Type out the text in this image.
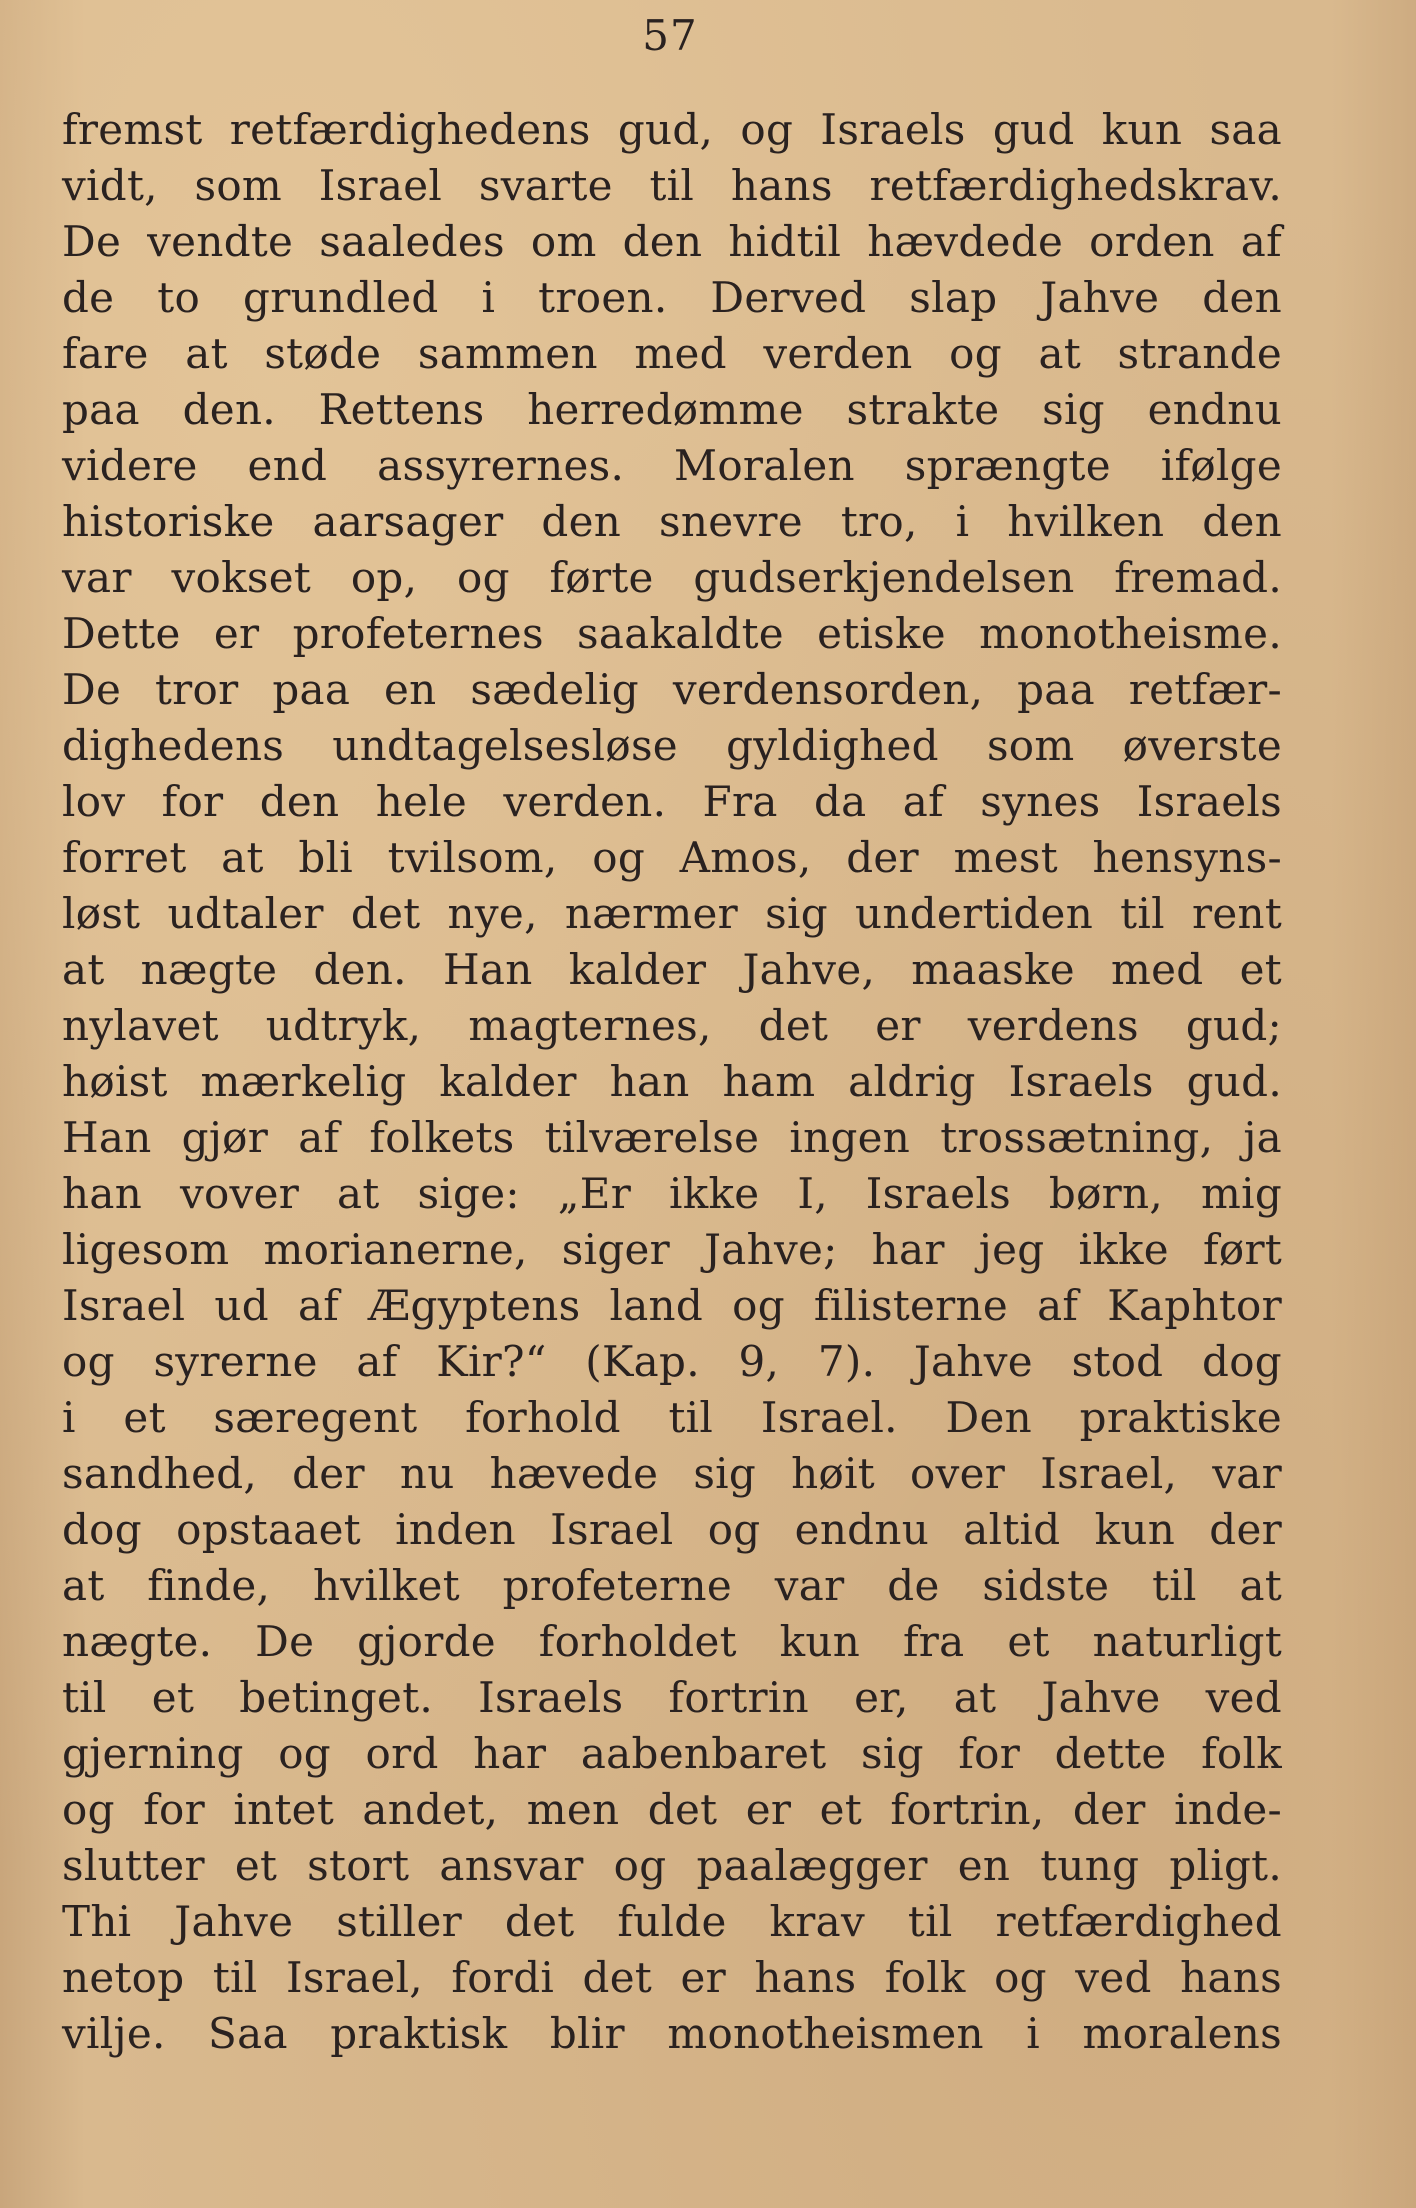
57
fremst retfærdighedens gud, og Israels gud kun saa
vidt, som Israel svarte til hans retfærdighedskrav.
De vendte saaledes om den hidtil hævdede orden af
de to grundled i troen. Derved slap Jahve den
fare at støde sammen med verden og at strande
paa den. Rettens herredømme strakte sig endnu
videre end assyrernes. Moralen sprængte ifølge
historiske aarsager den snevre tro, i hvilken den
var vokset op, og førte gudserkjendelsen fremad.
Dette er profeternes saakaldte etiske monotheisme.
De tror paa en sædelig verdensorden, paa retfær-
dighedens undtagelsesløse gyldighed som øverste
lov for den hele verden. Fra da af synes Israels
forret at bli tvilsom, og Amos, der mest hensyns-
løst udtaler det nye, nærmer sig undertiden til rent
at nægte den. Han kalder Jahve, maaske med et
nylavet udtryk, magternes, det er verdens gud;
høist mærkelig kalder han ham aldrig Israels gud.
Han gjør af folkets tilværelse ingen trossætning, ja
han vover at sige: „Er ikke I, Israels børn, mig
ligesom morianerne, siger Jahve; har jeg ikke ført
Israel ud af Ægyptens land og filisterne af Kaphtor
og syrerne af Kir?“ (Kap. 9, 7). Jahve stod dog
i et særegent forhold til Israel. Den praktiske
sandhed, der nu hævede sig høit over Israel, var
dog opstaaet inden Israel og endnu altid kun der
at finde, hvilket profeterne var de sidste til at
nægte. De gjorde forholdet kun fra et naturligt
til et betinget. Israels fortrin er, at Jahve ved
gjerning og ord har aabenbaret sig for dette folk
og for intet andet, men det er et fortrin, der inde-
slutter et stort ansvar og paalægger en tung pligt.
Thi Jahve stiller det fulde krav til retfærdighed
netop til Israel, fordi det er hans folk og ved hans
vilje. Saa praktisk blir monotheismen i moralens
